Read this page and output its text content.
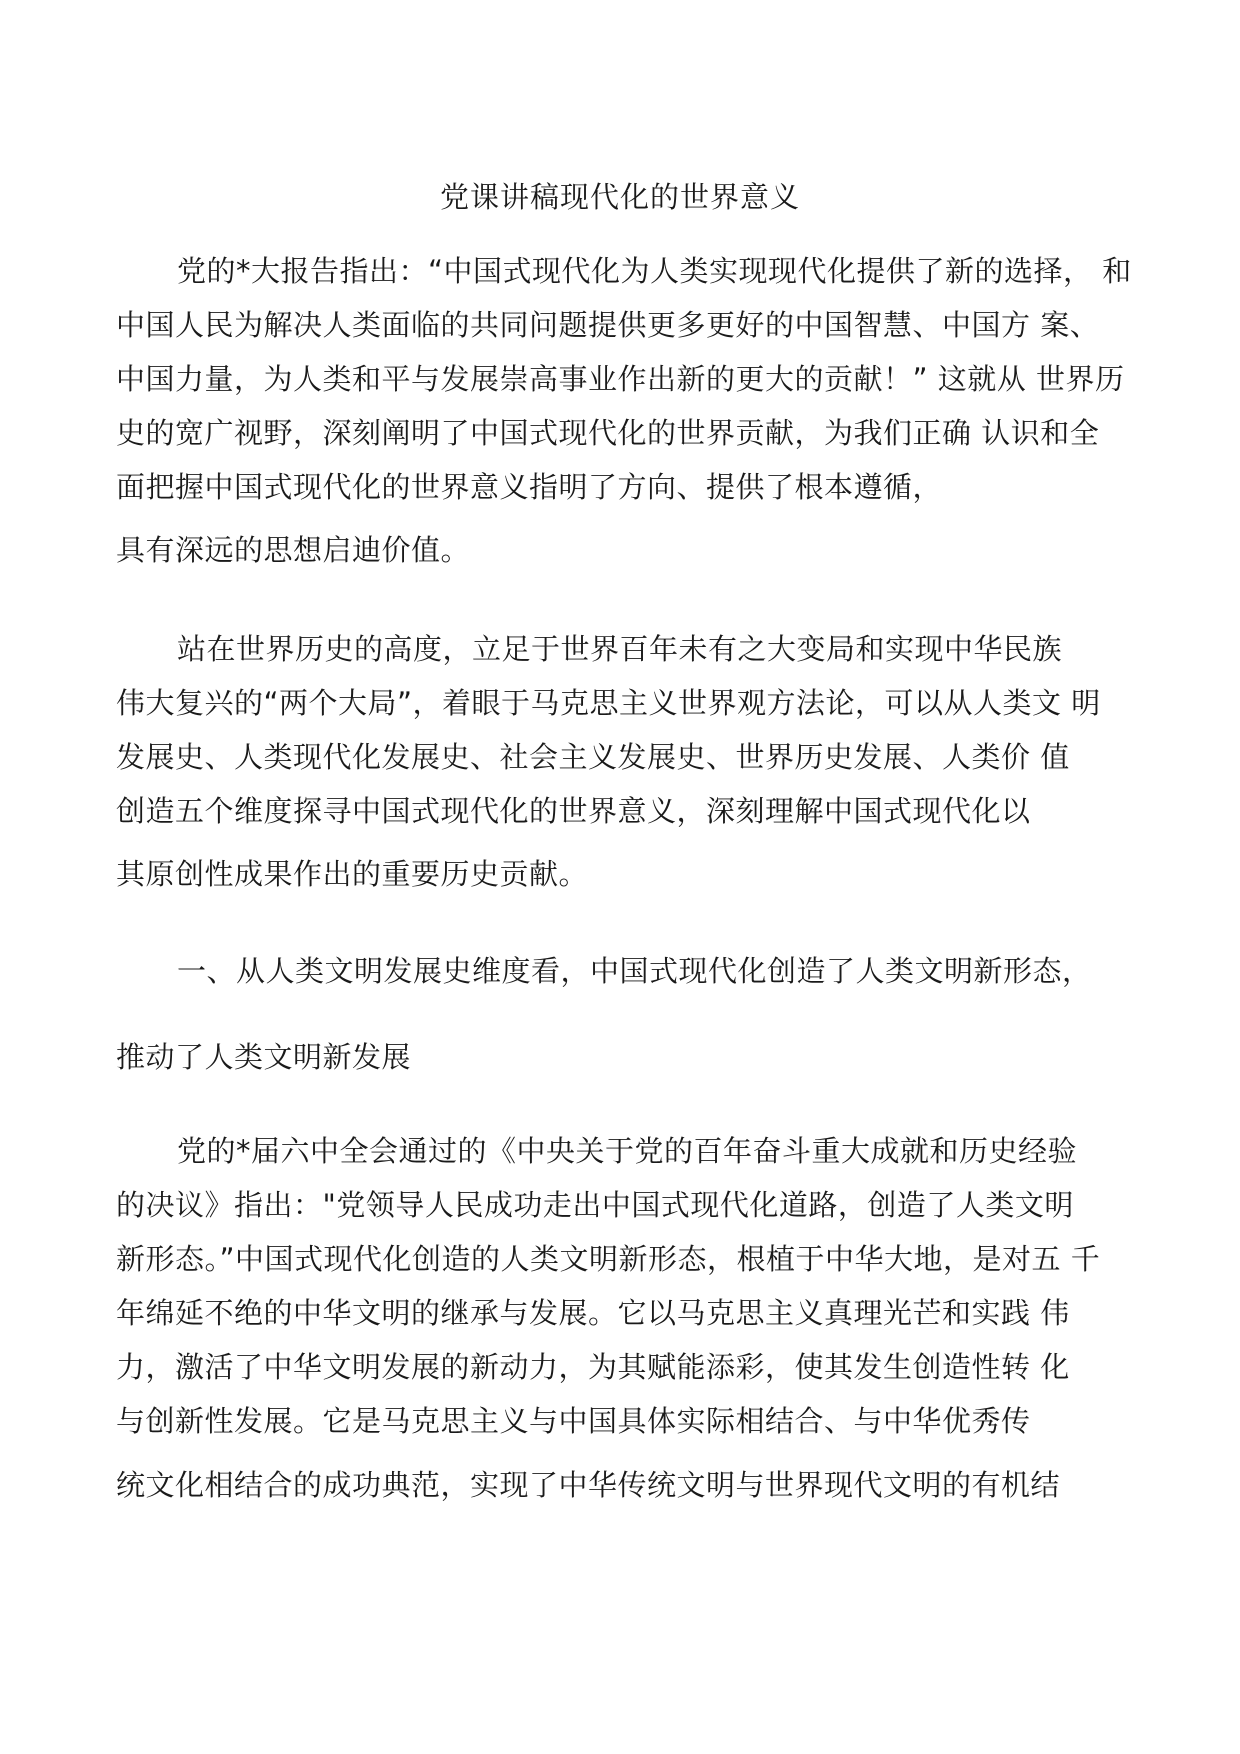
党课讲稿现代化的世界意义
党的*大报告指出：“中国式现代化为人类实现现代化提供了新的选择， 和
中国人民为解决人类面临的共同问题提供更多更好的中国智慧、中国方 案、
中国力量，为人类和平与发展崇高事业作出新的更大的贡献！” 这就从 世界历
史的宽广视野，深刻阐明了中国式现代化的世界贡献，为我们正确 认识和全
面把握中国式现代化的世界意义指明了方向、提供了根本遵循，
具有深远的思想启迪价值。
站在世界历史的高度，立足于世界百年未有之大变局和实现中华民族
伟大复兴的“两个大局”，着眼于马克思主义世界观方法论，可以从人类文 明
发展史、人类现代化发展史、社会主义发展史、世界历史发展、人类价 值
创造五个维度探寻中国式现代化的世界意义，深刻理解中国式现代化以
其原创性成果作出的重要历史贡献。
一、从人类文明发展史维度看，中国式现代化创造了人类文明新形态，
推动了人类文明新发展
党的*届六中全会通过的《中央关于党的百年奋斗重大成就和历史经验
的决议》指出："党领导人民成功走出中国式现代化道路，创造了人类文明
新形态。”中国式现代化创造的人类文明新形态，根植于中华大地，是对五 千
年绵延不绝的中华文明的继承与发展。它以马克思主义真理光芒和实践 伟
力，激活了中华文明发展的新动力，为其赋能添彩，使其发生创造性转 化
与创新性发展。它是马克思主义与中国具体实际相结合、与中华优秀传
统文化相结合的成功典范，实现了中华传统文明与世界现代文明的有机结
